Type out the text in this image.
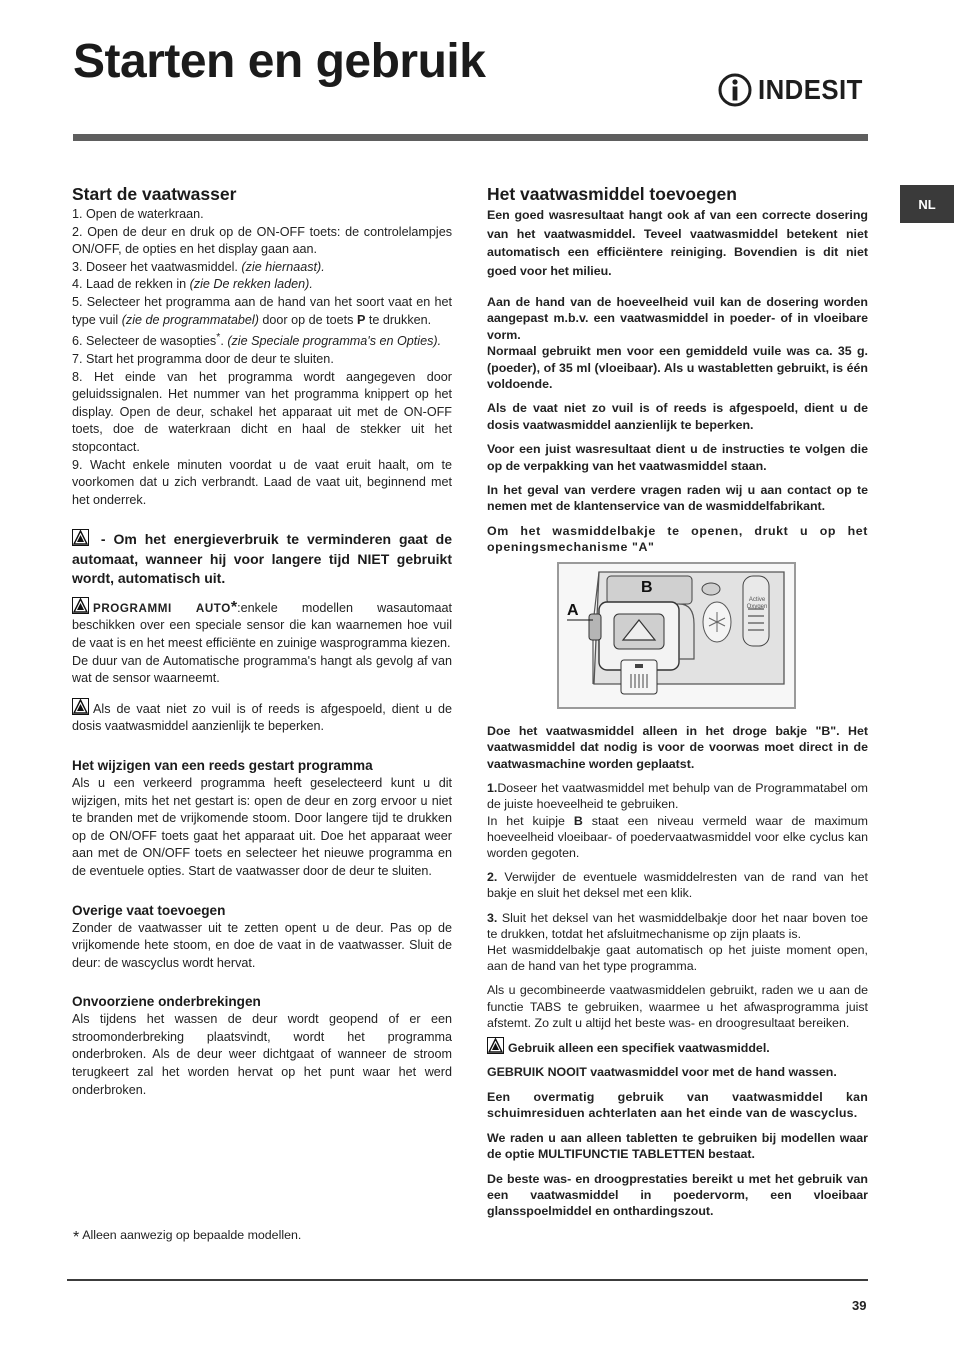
Starten en gebruik
INDESIT
NL
Start de vaatwasser

1. Open de waterkraan.

2. Open de deur en druk op de ON-OFF toets: de controlelampjes ON/OFF, de opties en het display gaan aan.

3. Doseer het vaatwasmiddel. (zie hiernaast).

4. Laad de rekken in (zie De rekken laden).

5. Selecteer het programma aan de hand van het soort vaat en het type vuil (zie de programmatabel) door op de toets P te drukken.

6. Selecteer de wasopties*. (zie Speciale programma's en Opties).

7. Start het programma door de deur te sluiten.

8. Het einde van het programma wordt aangegeven door geluidssignalen. Het nummer van het programma knippert op het display. Open de deur, schakel het apparaat uit met de ON-OFF toets, doe de waterkraan dicht en haal de stekker uit het stopcontact.

9. Wacht enkele minuten voordat u de vaat eruit haalt, om te voorkomen dat u zich verbrandt. Laad de vaat uit, beginnend met het onderrek.

- Om het energieverbruik te verminderen gaat de automaat, wanneer hij voor langere tijd NIET gebruikt wordt, automatisch uit.

PROGRAMMI AUTO*:enkele modellen wasautomaat beschikken over een speciale sensor die kan waarnemen hoe vuil de vaat is en het meest efficiënte en zuinige wasprogramma kiezen.

De duur van de Automatische programma's hangt als gevolg af van wat de sensor waarneemt.

Als de vaat niet zo vuil is of reeds is afgespoeld, dient u de dosis vaatwasmiddel aanzienlijk te beperken.

Het wijzigen van een reeds gestart programma

Als u een verkeerd programma heeft geselecteerd kunt u dit wijzigen, mits het net gestart is: open de deur en zorg ervoor u niet te branden met de vrijkomende stoom. Door langere tijd te drukken op de ON/OFF toets gaat het apparaat uit. Doe het apparaat weer aan met de ON/OFF toets en selecteer het nieuwe programma en de eventuele opties. Start de vaatwasser door de deur te sluiten.

Overige vaat toevoegen

Zonder de vaatwasser uit te zetten opent u de deur. Pas op de vrijkomende hete stoom, en doe de vaat in de vaatwasser. Sluit de deur: de wascyclus wordt hervat.

Onvoorziene onderbrekingen

Als tijdens het wassen de deur wordt geopend of er een stroomonderbreking plaatsvindt, wordt het programma onderbroken. Als de deur weer dichtgaat of wanneer de stroom terugkeert zal het worden hervat op het punt waar het werd onderbroken.

Het vaatwasmiddel toevoegen

Een goed wasresultaat hangt ook af van een correcte dosering van het vaatwasmiddel. Teveel vaatwasmiddel betekent niet automatisch een efficiëntere reiniging. Bovendien is dit niet goed voor het milieu.

Aan de hand van de hoeveelheid vuil kan de dosering worden aangepast m.b.v. een vaatwasmiddel in poeder- of in vloeibare vorm.

Normaal gebruikt men voor een gemiddeld vuile was ca. 35 g. (poeder), of 35 ml (vloeibaar). Als u wastabletten gebruikt, is één voldoende.

Als de vaat niet zo vuil is of reeds is afgespoeld, dient u de dosis vaatwasmiddel aanzienlijk te beperken.

Voor een juist wasresultaat dient u de instructies te volgen die op de verpakking van het vaatwasmiddel staan.

In het geval van verdere vragen raden wij u aan contact op te nemen met de klantenservice van de wasmiddelfabrikant.

Om het wasmiddelbakje te openen, drukt u op het openingsmechanisme "A"

A
B
Active Oxygen

Doe het vaatwasmiddel alleen in het droge bakje "B". Het vaatwasmiddel dat nodig is voor de voorwas moet direct in de vaatwasmachine worden geplaatst.

1.Doseer het vaatwasmiddel met behulp van de Programmatabel om de juiste hoeveelheid te gebruiken.

In het kuipje B staat een niveau vermeld waar de maximum hoeveelheid vloeibaar- of poedervaatwasmiddel voor elke cyclus kan worden gegoten.

2. Verwijder de eventuele wasmiddelresten van de rand van het bakje en sluit het deksel met een klik.

3. Sluit het deksel van het wasmiddelbakje door het naar boven toe te drukken, totdat het afsluitmechanisme op zijn plaats is.

Het wasmiddelbakje gaat automatisch op het juiste moment open, aan de hand van het type programma.

Als u gecombineerde vaatwasmiddelen gebruikt, raden we u aan de functie TABS te gebruiken, waarmee u het afwasprogramma juist afstemt. Zo zult u altijd het beste was- en droogresultaat bereiken.

Gebruik alleen een specifiek vaatwasmiddel.

GEBRUIK NOOIT vaatwasmiddel voor met de hand wassen.

Een overmatig gebruik van vaatwasmiddel kan schuimresiduen achterlaten aan het einde van de wascyclus.

We raden u aan alleen tabletten te gebruiken bij modellen waar de optie MULTIFUNCTIE TABLETTEN bestaat.

De beste was- en droogprestaties bereikt u met het gebruik van een vaatwasmiddel in poedervorm, een vloeibaar glansspoelmiddel en onthardingszout.

* Alleen aanwezig op bepaalde modellen.
39
